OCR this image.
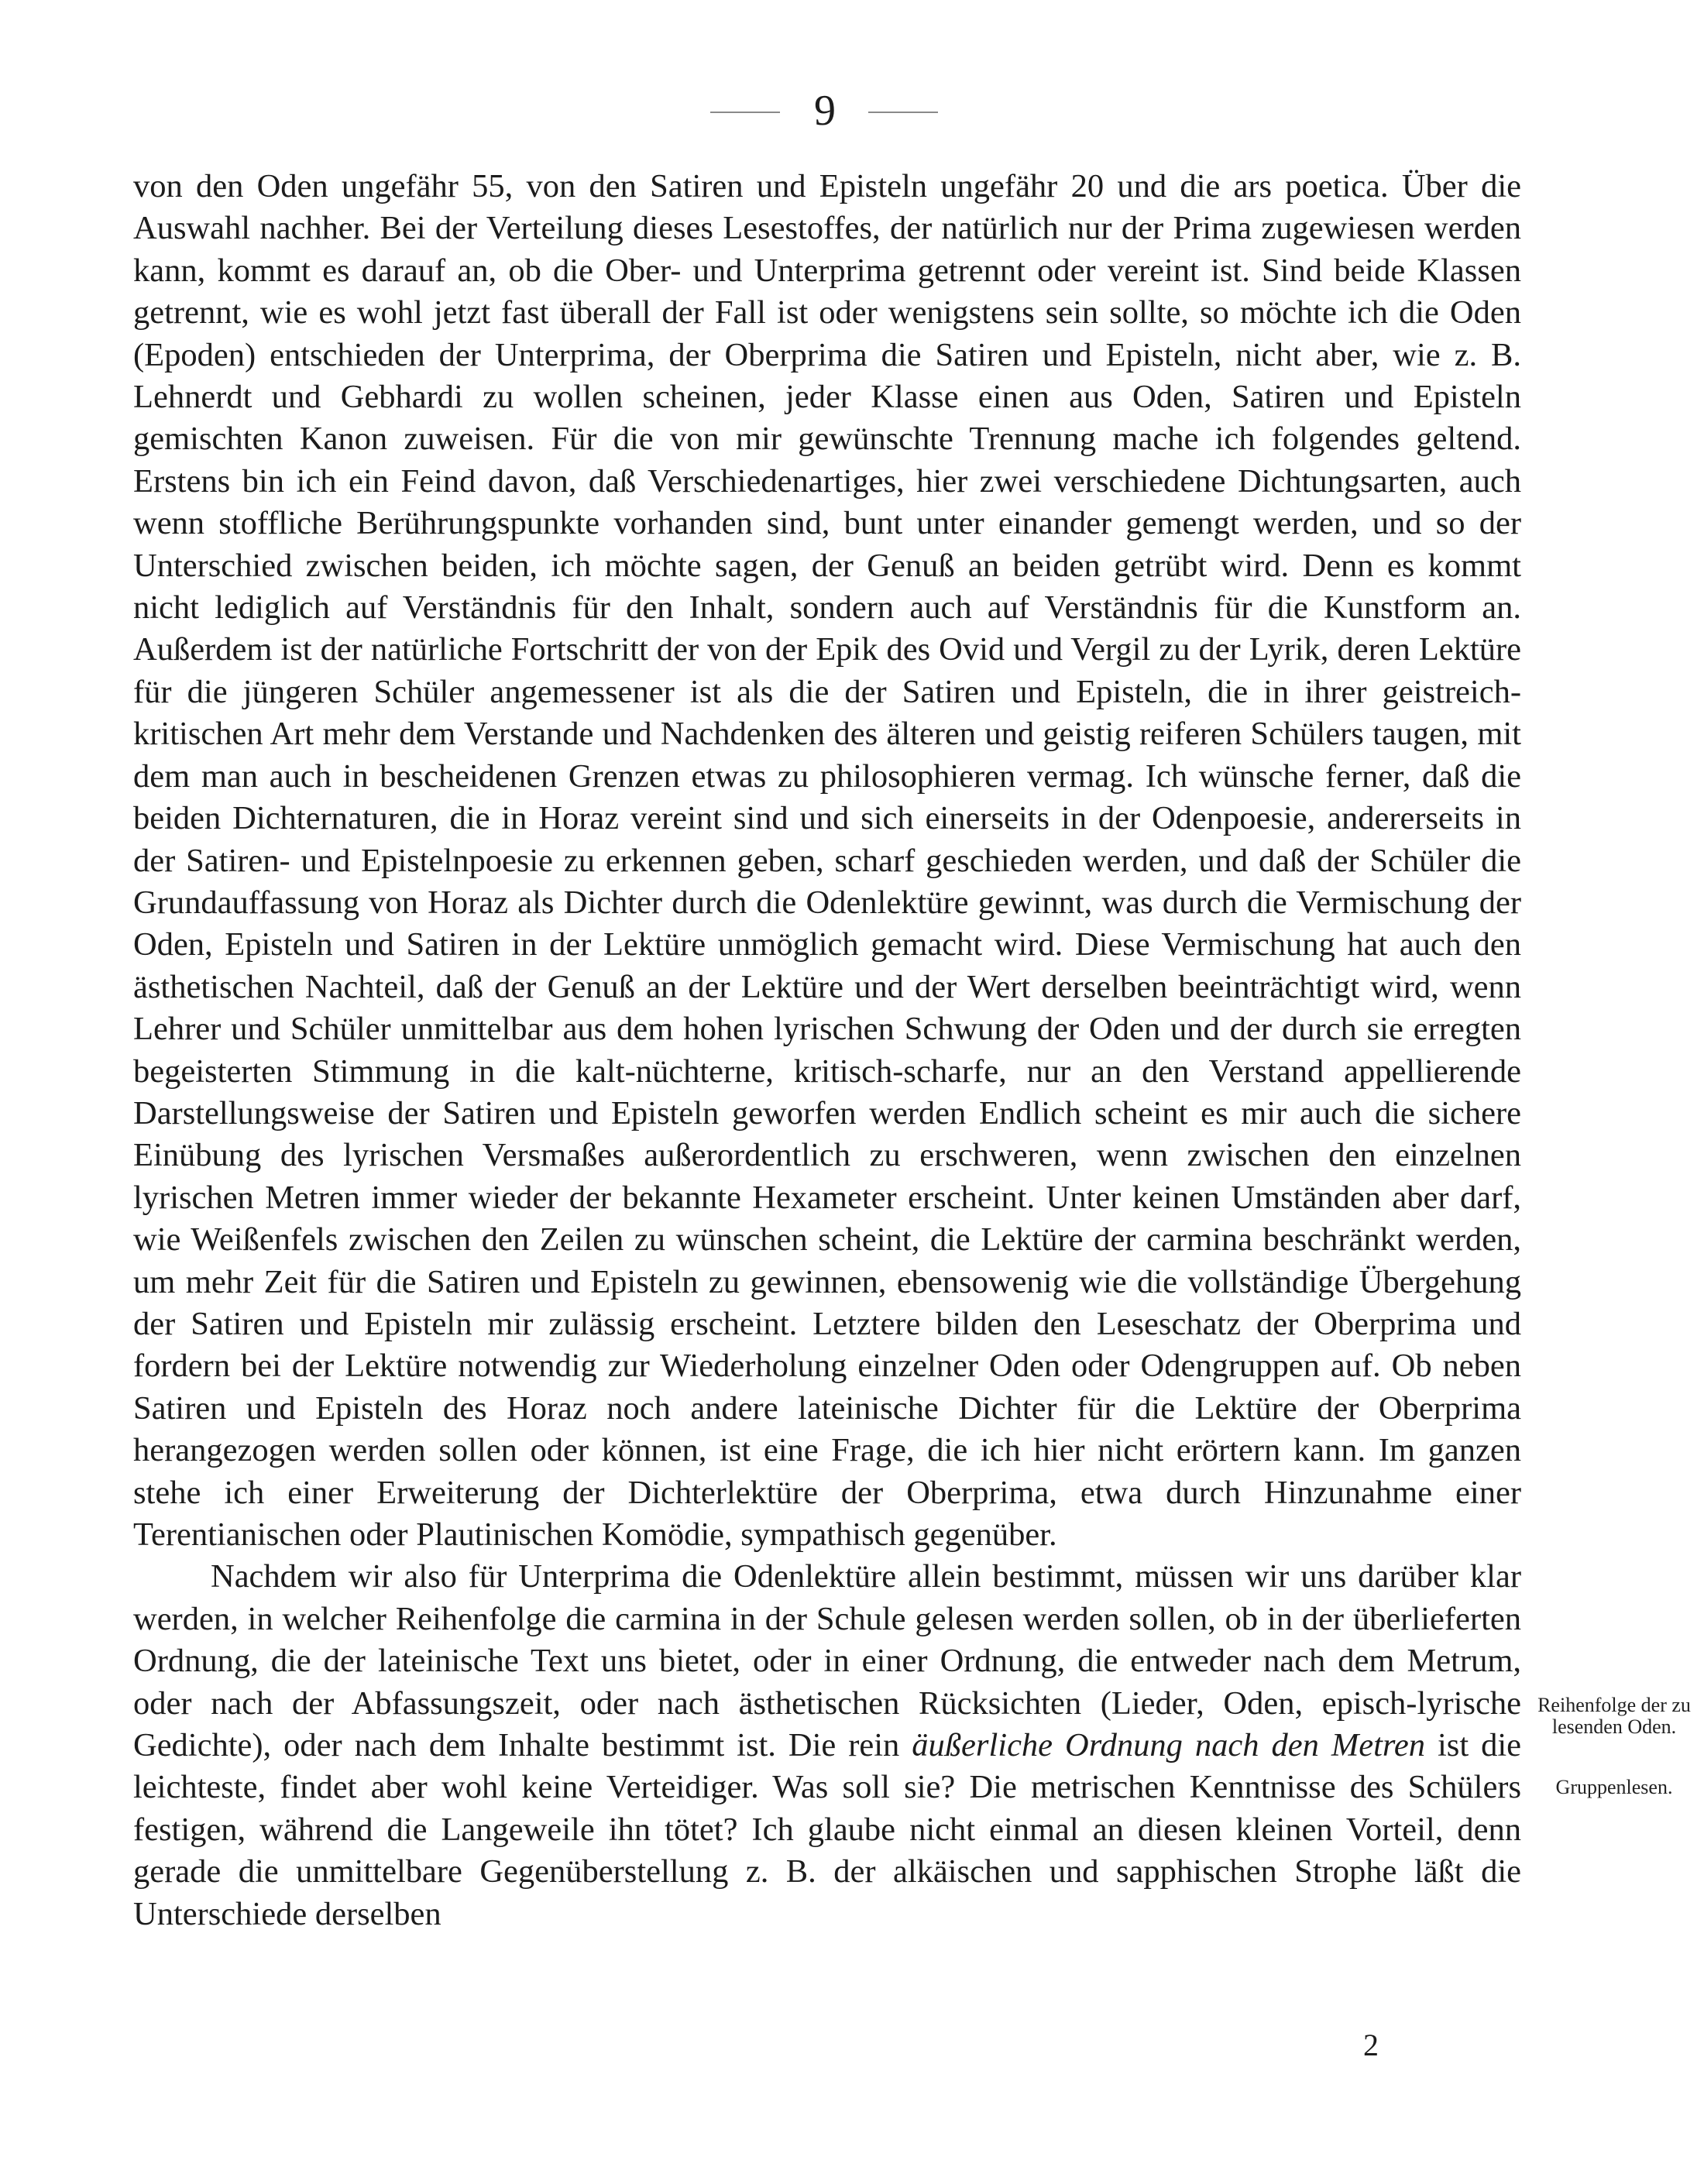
9

von den Oden ungefähr 55, von den Satiren und Episteln ungefähr 20 und die ars poetica. Über die Auswahl nachher. Bei der Verteilung dieses Lesestoffes, der natürlich nur der Prima zugewiesen werden kann, kommt es darauf an, ob die Ober- und Unterprima getrennt oder vereint ist. Sind beide Klassen getrennt, wie es wohl jetzt fast überall der Fall ist oder wenigstens sein sollte, so möchte ich die Oden (Epoden) entschieden der Unterprima, der Oberprima die Satiren und Episteln, nicht aber, wie z. B. Lehnerdt und Gebhardi zu wollen scheinen, jeder Klasse einen aus Oden, Satiren und Episteln gemischten Kanon zuweisen. Für die von mir gewünschte Trennung mache ich folgendes geltend. Erstens bin ich ein Feind davon, daß Verschiedenartiges, hier zwei verschiedene Dichtungsarten, auch wenn stoffliche Berührungspunkte vorhanden sind, bunt unter einander gemengt werden, und so der Unterschied zwischen beiden, ich möchte sagen, der Genuß an beiden getrübt wird. Denn es kommt nicht lediglich auf Verständnis für den Inhalt, sondern auch auf Verständnis für die Kunstform an. Außerdem ist der natürliche Fortschritt der von der Epik des Ovid und Vergil zu der Lyrik, deren Lektüre für die jüngeren Schüler angemessener ist als die der Satiren und Episteln, die in ihrer geistreich-kritischen Art mehr dem Verstande und Nachdenken des älteren und geistig reiferen Schülers taugen, mit dem man auch in bescheidenen Grenzen etwas zu philosophieren vermag. Ich wünsche ferner, daß die beiden Dichternaturen, die in Horaz vereint sind und sich einerseits in der Odenpoesie, andererseits in der Satiren- und Epistelnpoesie zu erkennen geben, scharf geschieden werden, und daß der Schüler die Grundauffassung von Horaz als Dichter durch die Odenlektüre gewinnt, was durch die Vermischung der Oden, Episteln und Satiren in der Lektüre unmöglich gemacht wird. Diese Vermischung hat auch den ästhetischen Nachteil, daß der Genuß an der Lektüre und der Wert derselben beeinträchtigt wird, wenn Lehrer und Schüler unmittelbar aus dem hohen lyrischen Schwung der Oden und der durch sie erregten begeisterten Stimmung in die kalt-nüchterne, kritisch-scharfe, nur an den Verstand appellierende Darstellungsweise der Satiren und Episteln geworfen werden Endlich scheint es mir auch die sichere Einübung des lyrischen Versmaßes außerordentlich zu erschweren, wenn zwischen den einzelnen lyrischen Metren immer wieder der bekannte Hexameter erscheint. Unter keinen Umständen aber darf, wie Weißenfels zwischen den Zeilen zu wünschen scheint, die Lektüre der carmina beschränkt werden, um mehr Zeit für die Satiren und Episteln zu gewinnen, ebensowenig wie die vollständige Übergehung der Satiren und Episteln mir zulässig erscheint. Letztere bilden den Leseschatz der Oberprima und fordern bei der Lektüre notwendig zur Wiederholung einzelner Oden oder Odengruppen auf. Ob neben Satiren und Episteln des Horaz noch andere lateinische Dichter für die Lektüre der Oberprima herangezogen werden sollen oder können, ist eine Frage, die ich hier nicht erörtern kann. Im ganzen stehe ich einer Erweiterung der Dichterlektüre der Oberprima, etwa durch Hinzunahme einer Terentianischen oder Plautinischen Komödie, sympathisch gegenüber.

Nachdem wir also für Unterprima die Odenlektüre allein bestimmt, müssen wir uns darüber klar werden, in welcher Reihenfolge die carmina in der Schule gelesen werden sollen, ob in der überlieferten Ordnung, die der lateinische Text uns bietet, oder in einer Ordnung, die entweder nach dem Metrum, oder nach der Abfassungszeit, oder nach ästhetischen Rücksichten (Lieder, Oden, episch-lyrische Gedichte), oder nach dem Inhalte bestimmt ist. Die rein äußerliche Ordnung nach den Metren ist die leichteste, findet aber wohl keine Verteidiger. Was soll sie? Die metrischen Kenntnisse des Schülers festigen, während die Langeweile ihn tötet? Ich glaube nicht einmal an diesen kleinen Vorteil, denn gerade die unmittelbare Gegenüberstellung z. B. der alkäischen und sapphischen Strophe läßt die Unterschiede derselben

Reihenfolge der zu lesenden Oden.
Gruppenlesen.
2
